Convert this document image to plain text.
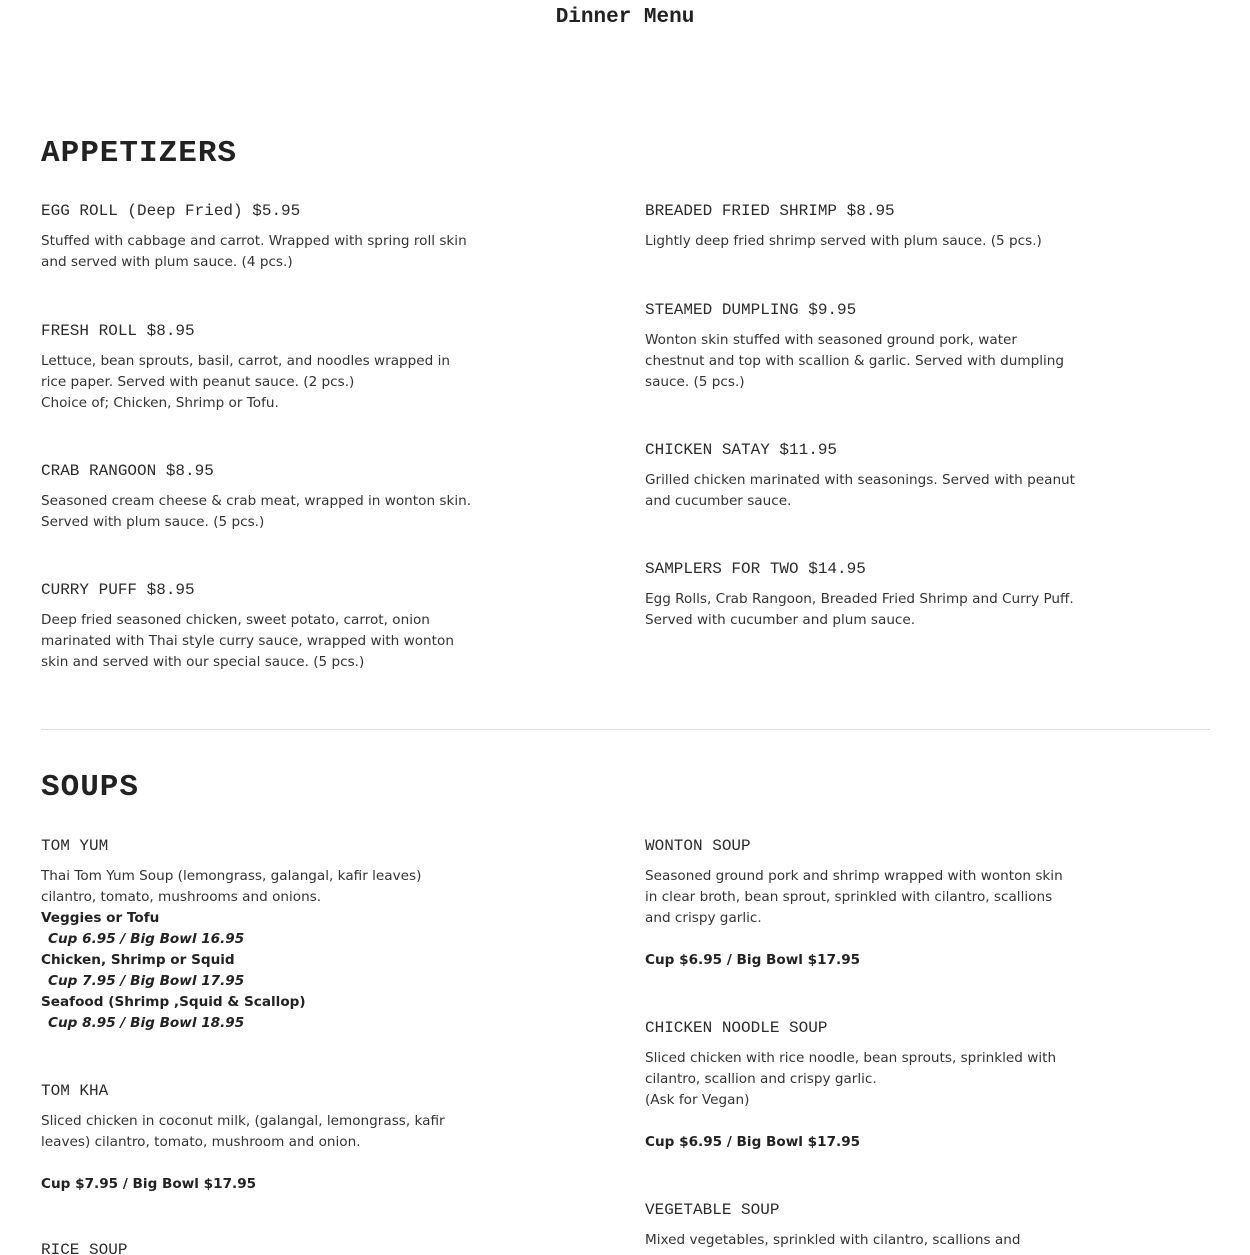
Dinner Menu
APPETIZERS
EGG ROLL (Deep Fried) $5.95
Stuffed with cabbage and carrot. Wrapped with spring roll skin
and served with plum sauce. (4 pcs.)
FRESH ROLL $8.95
Lettuce, bean sprouts, basil, carrot, and noodles wrapped in
rice paper. Served with peanut sauce. (2 pcs.)
Choice of; Chicken, Shrimp or Tofu.
CRAB RANGOON $8.95
Seasoned cream cheese & crab meat, wrapped in wonton skin.
Served with plum sauce. (5 pcs.)
CURRY PUFF $8.95
Deep fried seasoned chicken, sweet potato, carrot, onion
marinated with Thai style curry sauce, wrapped with wonton
skin and served with our special sauce. (5 pcs.)
BREADED FRIED SHRIMP $8.95
Lightly deep fried shrimp served with plum sauce. (5 pcs.)
STEAMED DUMPLING $9.95
Wonton skin stuffed with seasoned ground pork, water
chestnut and top with scallion & garlic. Served with dumpling
sauce. (5 pcs.)
CHICKEN SATAY $11.95
Grilled chicken marinated with seasonings. Served with peanut
and cucumber sauce.
SAMPLERS FOR TWO $14.95
Egg Rolls, Crab Rangoon, Breaded Fried Shrimp and Curry Puff.
Served with cucumber and plum sauce.
SOUPS
TOM YUM
Thai Tom Yum Soup (lemongrass, galangal, kafir leaves)
cilantro, tomato, mushrooms and onions.
Veggies or Tofu
Cup 6.95 / Big Bowl 16.95
Chicken, Shrimp or Squid
Cup 7.95 / Big Bowl 17.95
Seafood (Shrimp ,Squid & Scallop)
Cup 8.95 / Big Bowl 18.95
TOM KHA
Sliced chicken in coconut milk, (galangal, lemongrass, kafir
leaves) cilantro, tomato, mushroom and onion.
Cup $7.95 / Big Bowl $17.95
RICE SOUP
WONTON SOUP
Seasoned ground pork and shrimp wrapped with wonton skin
in clear broth, bean sprout, sprinkled with cilantro, scallions
and crispy garlic.
Cup $6.95 / Big Bowl $17.95
CHICKEN NOODLE SOUP
Sliced chicken with rice noodle, bean sprouts, sprinkled with
cilantro, scallion and crispy garlic.
(Ask for Vegan)
Cup $6.95 / Big Bowl $17.95
VEGETABLE SOUP
Mixed vegetables, sprinkled with cilantro, scallions and
